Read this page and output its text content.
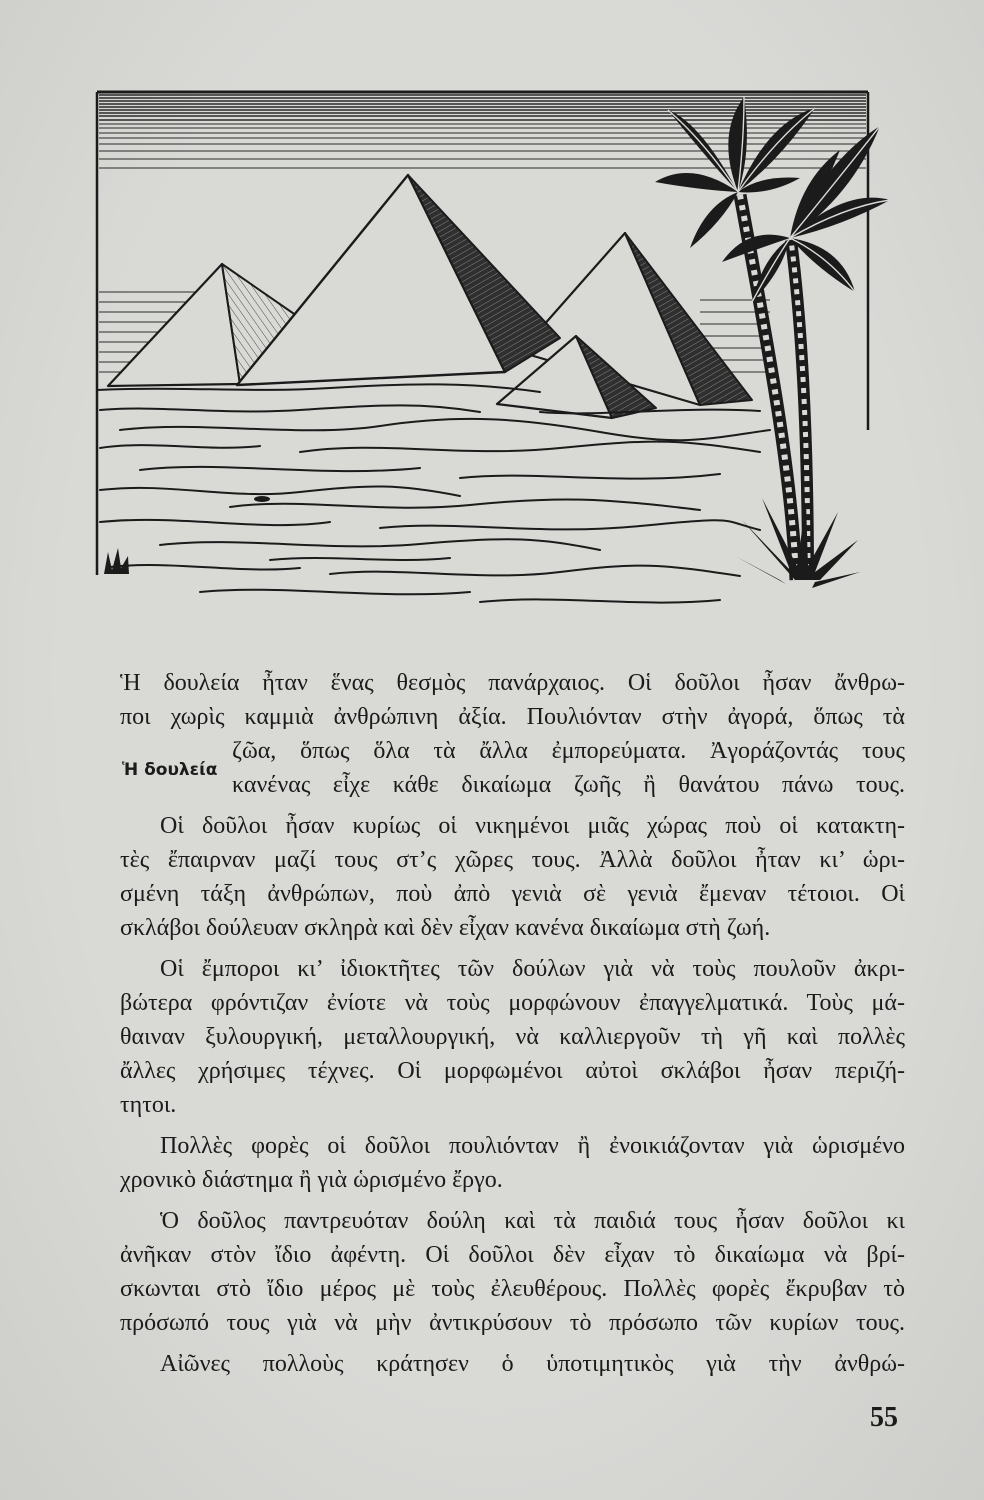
Ἡ δουλεία
Ἡ δουλεία ἦταν ἕνας θεσμὸς πανάρχαιος. Οἱ δοῦλοι ἦσαν ἄνθρω-
ποι χωρὶς καμμιὰ ἀνθρώπινη ἀξία. Πουλιόνταν στὴν ἀγορά, ὅπως τὰ
ζῶα, ὅπως ὅλα τὰ ἄλλα ἐμπορεύματα. Ἀγοράζοντάς τους
κανένας εἶχε κάθε δικαίωμα ζωῆς ἢ θανάτου πάνω τους.
Οἱ δοῦλοι ἦσαν κυρίως οἱ νικημένοι μιᾶς χώρας ποὺ οἱ κατακτη-
τὲς ἔπαιρναν μαζί τους στ’ς χῶρες τους. Ἀλλὰ δοῦλοι ἦταν κι’ ὡρι-
σμένη τάξη ἀνθρώπων, ποὺ ἀπὸ γενιὰ σὲ γενιὰ ἔμεναν τέτοιοι. Οἱ
σκλάβοι δούλευαν σκληρὰ καὶ δὲν εἶχαν κανένα δικαίωμα στὴ ζωή.
Οἱ ἔμποροι κι’ ἰδιοκτῆτες τῶν δούλων γιὰ νὰ τοὺς πουλοῦν ἀκρι-
βώτερα φρόντιζαν ἐνίοτε νὰ τοὺς μορφώνουν ἐπαγγελματικά. Τοὺς μά-
θαιναν ξυλουργική, μεταλλουργική, νὰ καλλιεργοῦν τὴ γῆ καὶ πολλὲς
ἄλλες χρήσιμες τέχνες. Οἱ μορφωμένοι αὐτοὶ σκλάβοι ἦσαν περιζή-
τητοι.
Πολλὲς φορὲς οἱ δοῦλοι πουλιόνταν ἢ ἐνοικιάζονταν γιὰ ὡρισμένο
χρονικὸ διάστημα ἢ γιὰ ὡρισμένο ἔργο.
Ὁ δοῦλος παντρευόταν δούλη καὶ τὰ παιδιά τους ἦσαν δοῦλοι κι
ἀνῆκαν στὸν ἴδιο ἀφέντη. Οἱ δοῦλοι δὲν εἶχαν τὸ δικαίωμα νὰ βρί-
σκωνται στὸ ἴδιο μέρος μὲ τοὺς ἐλευθέρους. Πολλὲς φορὲς ἔκρυβαν τὸ
πρόσωπό τους γιὰ νὰ μὴν ἀντικρύσουν τὸ πρόσωπο τῶν κυρίων τους.
Αἰῶνες πολλοὺς κράτησεν ὁ ὑποτιμητικὸς γιὰ τὴν ἀνθρώ-
55
